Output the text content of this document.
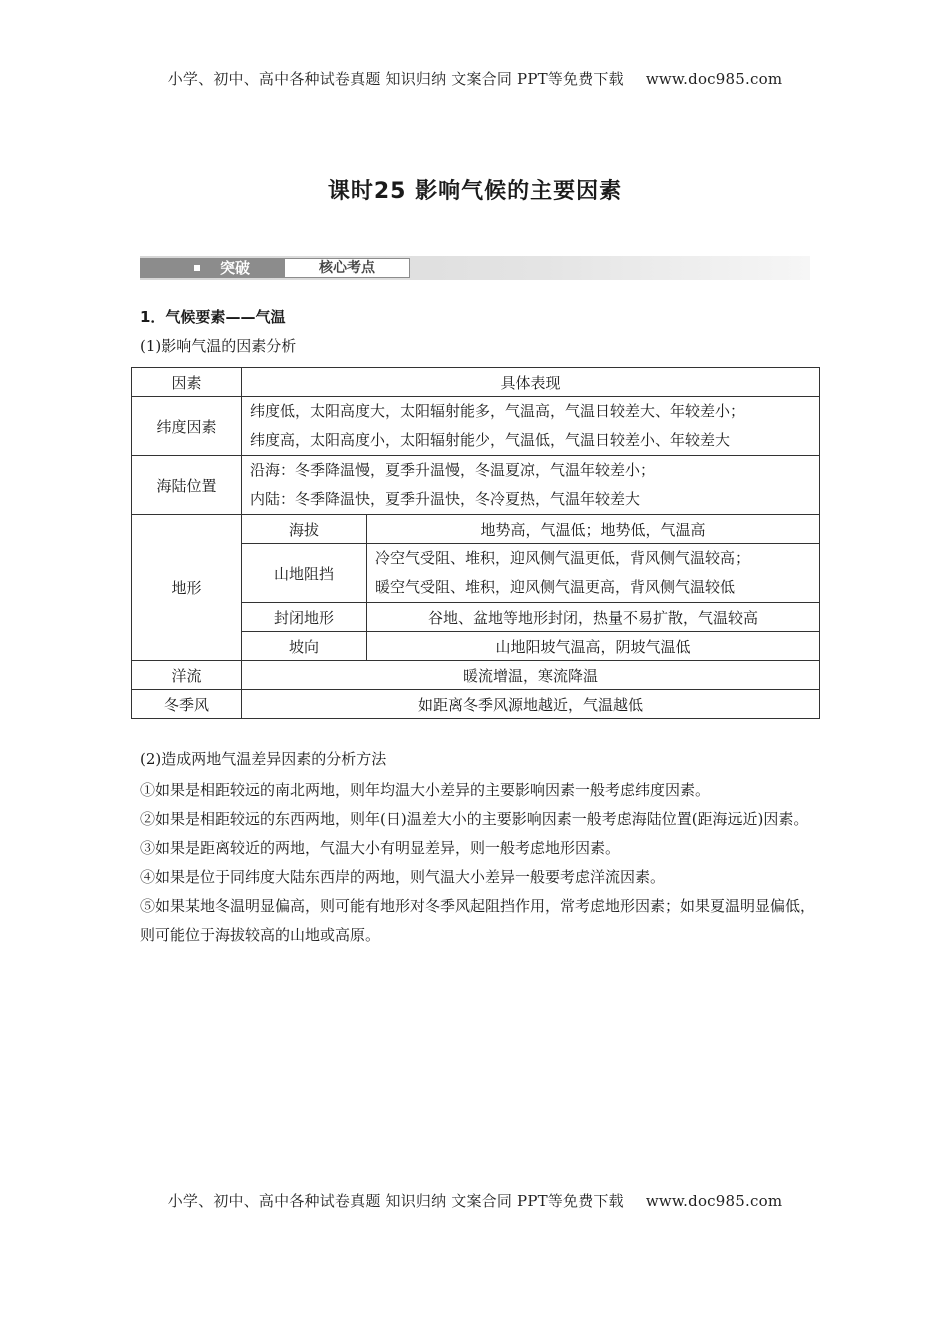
小学、初中、高中各种试卷真题 知识归纳 文案合同 PPT等免费下载 www.doc985.com
课时25 影响气候的主要因素
突破	核心考点
1．气候要素——气温
(1)影响气温的因素分析
因素	具体表现	
纬度因素	纬度低，太阳高度大，太阳辐射能多，气温高，气温日较差大、年较差小；
纬度高，太阳高度小，太阳辐射能少，气温低，气温日较差小、年较差大	

海陆位置	沿海：冬季降温慢，夏季升温慢，冬温夏凉，气温年较差小；
内陆：冬季降温快，夏季升温快，冬冷夏热，气温年较差大	

地形	海拔	地势高，气温低；地势低，气温高
	山地阻挡	冷空气受阻、堆积，迎风侧气温更低，背风侧气温较高；
暖空气受阻、堆积，迎风侧气温更高，背风侧气温较低

	封闭地形	谷地、盆地等地形封闭，热量不易扩散，气温较高
	坡向	山地阳坡气温高，阴坡气温低
洋流	暖流增温，寒流降温	
冬季风	如距离冬季风源地越近，气温越低	
(2)造成两地气温差异因素的分析方法

①如果是相距较远的南北两地，则年均温大小差异的主要影响因素一般考虑纬度因素。

②如果是相距较远的东西两地，则年(日)温差大小的主要影响因素一般考虑海陆位置(距海远近)因素。

③如果是距离较近的两地，气温大小有明显差异，则一般考虑地形因素。

④如果是位于同纬度大陆东西岸的两地，则气温大小差异一般要考虑洋流因素。

⑤如果某地冬温明显偏高，则可能有地形对冬季风起阻挡作用，常考虑地形因素；如果夏温明显偏低，则可能位于海拔较高的山地或高原。

小学、初中、高中各种试卷真题 知识归纳 文案合同 PPT等免费下载 www.doc985.com
